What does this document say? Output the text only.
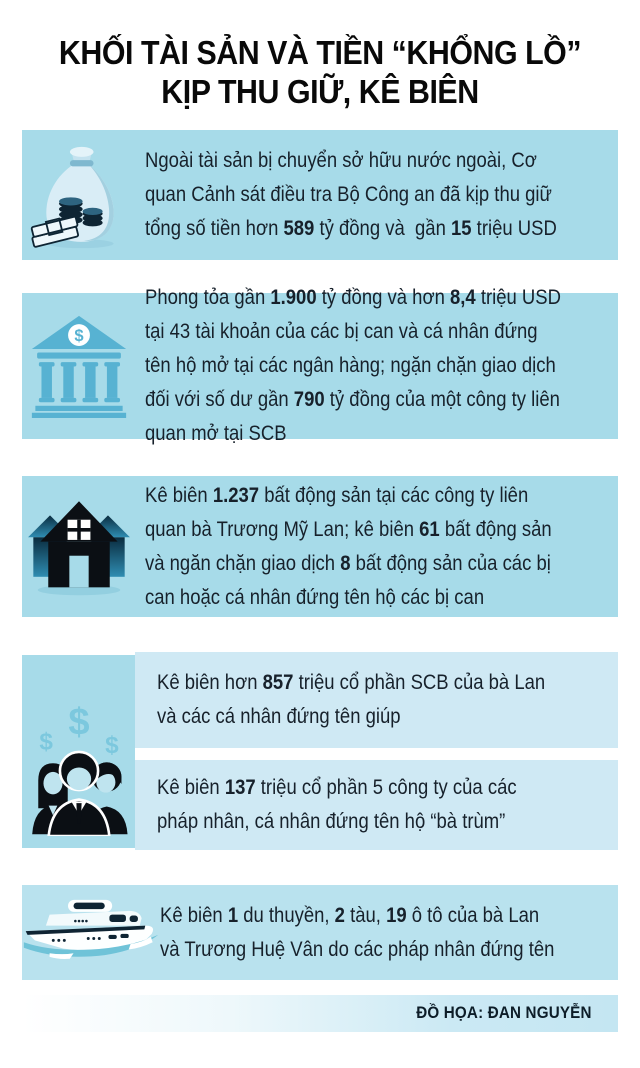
KHỐI TÀI SẢN VÀ TIỀN “KHỔNG LỒ”
KỊP THU GIỮ, KÊ BIÊN

Ngoài tài sản bị chuyển sở hữu nước ngoài, Cơ quan Cảnh sát điều tra Bộ Công an đã kịp thu giữ tổng số tiền hơn 589 tỷ đồng và  gần 15 triệu USD

$

Phong tỏa gần 1.900 tỷ đồng và hơn 8,4 triệu USD tại 43 tài khoản của các bị can và cá nhân đứng tên hộ mở tại các ngân hàng; ngặn chặn giao dịch đối với số dư gần 790 tỷ đồng của một công ty liên quan mở tại SCB

Kê biên 1.237 bất động sản tại các công ty liên quan bà Trương Mỹ Lan; kê biên 61 bất động sản và ngăn chặn giao dịch 8 bất động sản của các bị can hoặc cá nhân đứng tên hộ các bị can

$ $
$

Kê biên hơn 857 triệu cổ phần SCB của bà Lan và các cá nhân đứng tên giúp

Kê biên 137 triệu cổ phần 5 công ty của các pháp nhân, cá nhân đứng tên hộ “bà trùm”

Kê biên 1 du thuyền, 2 tàu, 19 ô tô của bà Lan và Trương Huệ Vân do các pháp nhân đứng tên

ĐỒ HỌA: ĐAN NGUYỄN
